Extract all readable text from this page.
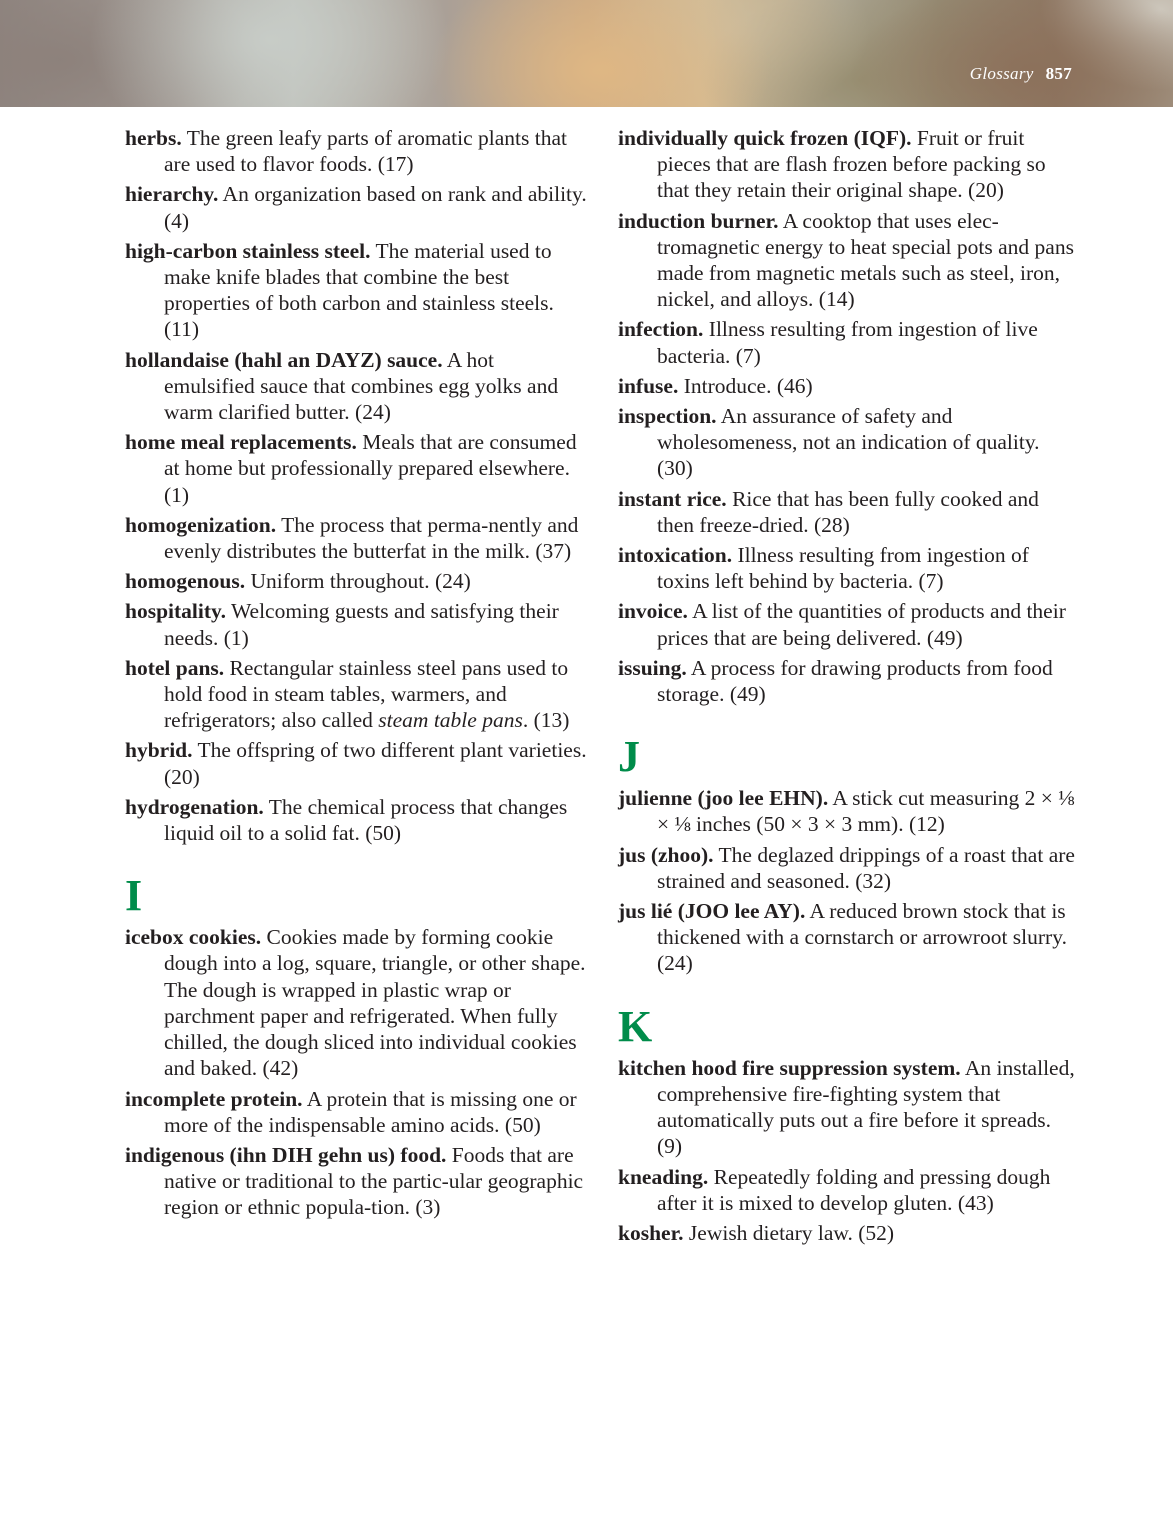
Glossary 857

herbs. The green leafy parts of aromatic plants that are used to flavor foods. (17)

hierarchy. An organization based on rank and ability. (4)

high-carbon stainless steel. The material used to make knife blades that combine the best properties of both carbon and stainless steels. (11)

hollandaise (hahl an DAYZ) sauce. A hot emulsified sauce that combines egg yolks and warm clarified butter. (24)

home meal replacements. Meals that are consumed at home but professionally prepared elsewhere. (1)

homogenization. The process that perma-nently and evenly distributes the butterfat in the milk. (37)

homogenous. Uniform throughout. (24)

hospitality. Welcoming guests and satisfying their needs. (1)

hotel pans. Rectangular stainless steel pans used to hold food in steam tables, warmers, and refrigerators; also called steam table pans. (13)

hybrid. The offspring of two different plant varieties. (20)

hydrogenation. The chemical process that changes liquid oil to a solid fat. (50)

I

icebox cookies. Cookies made by forming cookie dough into a log, square, triangle, or other shape. The dough is wrapped in plastic wrap or parchment paper and refrigerated. When fully chilled, the dough sliced into individual cookies and baked. (42)

incomplete protein. A protein that is missing one or more of the indispensable amino acids. (50)

indigenous (ihn DIH gehn us) food. Foods that are native or traditional to the partic-ular geographic region or ethnic popula-tion. (3)

individually quick frozen (IQF). Fruit or fruit pieces that are flash frozen before packing so that they retain their original shape. (20)

induction burner. A cooktop that uses elec-tromagnetic energy to heat special pots and pans made from magnetic metals such as steel, iron, nickel, and alloys. (14)

infection. Illness resulting from ingestion of live bacteria. (7)

infuse. Introduce. (46)

inspection. An assurance of safety and wholesomeness, not an indication of quality. (30)

instant rice. Rice that has been fully cooked and then freeze-dried. (28)

intoxication. Illness resulting from ingestion of toxins left behind by bacteria. (7)

invoice. A list of the quantities of products and their prices that are being delivered. (49)

issuing. A process for drawing products from food storage. (49)

J

julienne (joo lee EHN). A stick cut measuring 2 × ⅛ × ⅛ inches (50 × 3 × 3 mm). (12)

jus (zhoo). The deglazed drippings of a roast that are strained and seasoned. (32)

jus lié (JOO lee AY). A reduced brown stock that is thickened with a cornstarch or arrowroot slurry. (24)

K

kitchen hood fire suppression system. An installed, comprehensive fire-fighting system that automatically puts out a fire before it spreads. (9)

kneading. Repeatedly folding and pressing dough after it is mixed to develop gluten. (43)

kosher. Jewish dietary law. (52)
